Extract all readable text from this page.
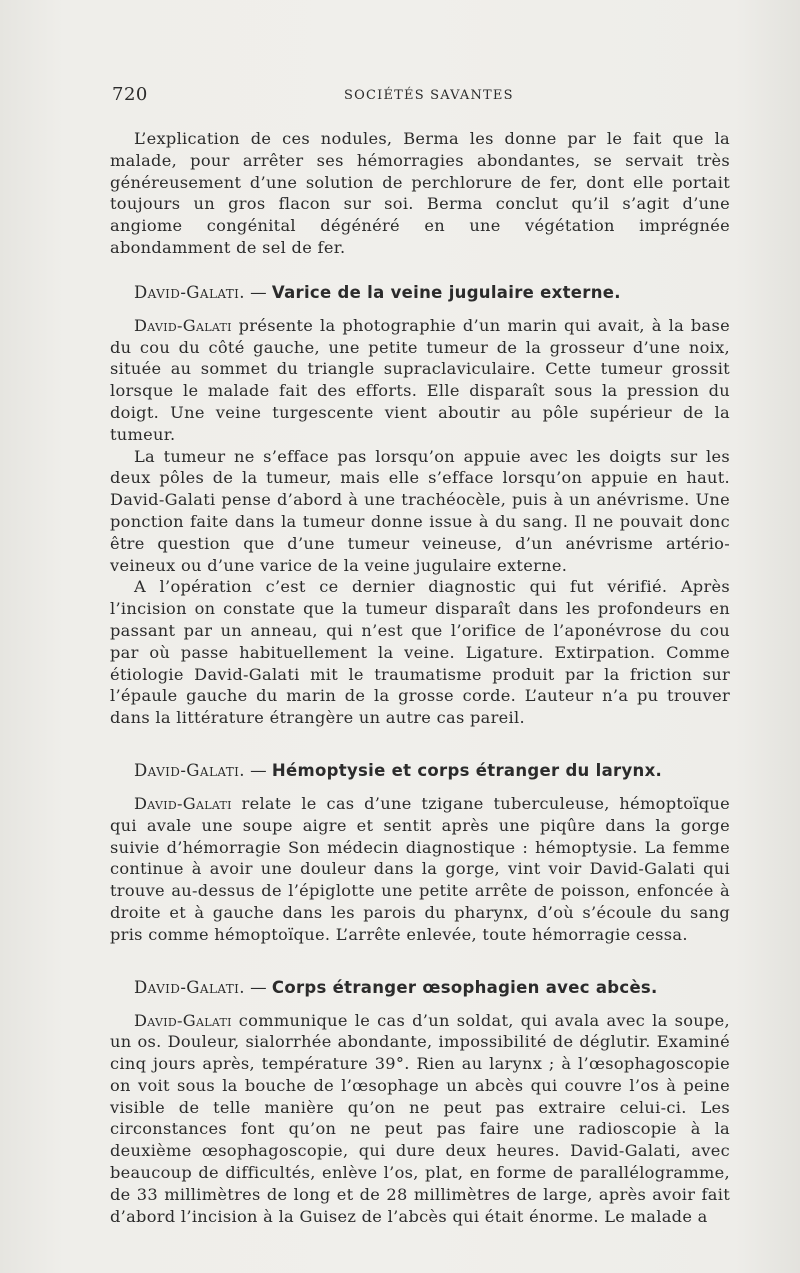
720	SOCIÉTÉS SAVANTES

L’explication de ces nodules, Berma les donne par le fait que la malade, pour arrêter ses hémorragies abondantes, se servait très généreusement d’une solution de perchlorure de fer, dont elle portait toujours un gros flacon sur soi. Berma conclut qu’il s’agit d’une angiome congénital dégénéré en une végétation imprégnée abondamment de sel de fer.

David-Galati. — Varice de la veine jugulaire externe.

David-Galati présente la photographie d’un marin qui avait, à la base du cou du côté gauche, une petite tumeur de la grosseur d’une noix, située au sommet du triangle supraclaviculaire. Cette tumeur grossit lorsque le malade fait des efforts. Elle disparaît sous la pression du doigt. Une veine turgescente vient aboutir au pôle supérieur de la tumeur.

La tumeur ne s’efface pas lorsqu’on appuie avec les doigts sur les deux pôles de la tumeur, mais elle s’efface lorsqu’on appuie en haut. David-Galati pense d’abord à une trachéocèle, puis à un anévrisme. Une ponction faite dans la tumeur donne issue à du sang. Il ne pouvait donc être question que d’une tumeur veineuse, d’un anévrisme artério-veineux ou d’une varice de la veine jugulaire externe.

A l’opération c’est ce dernier diagnostic qui fut vérifié. Après l’incision on constate que la tumeur disparaît dans les profondeurs en passant par un anneau, qui n’est que l’orifice de l’aponévrose du cou par où passe habituellement la veine. Ligature. Extirpation. Comme étiologie David-Galati mit le traumatisme produit par la friction sur l’épaule gauche du marin de la grosse corde. L’auteur n’a pu trouver dans la littérature étrangère un autre cas pareil.

David-Galati. — Hémoptysie et corps étranger du larynx.

David-Galati relate le cas d’une tzigane tuberculeuse, hémoptoïque qui avale une soupe aigre et sentit après une piqûre dans la gorge suivie d’hémorragie Son médecin diagnostique : hémoptysie. La femme continue à avoir une douleur dans la gorge, vint voir David-Galati qui trouve au-dessus de l’épiglotte une petite arrête de poisson, enfoncée à droite et à gauche dans les parois du pharynx, d’où s’écoule du sang pris comme hémoptoïque. L’arrête enlevée, toute hémorragie cessa.

David-Galati. — Corps étranger œsophagien avec abcès.

David-Galati communique le cas d’un soldat, qui avala avec la soupe, un os. Douleur, sialorrhée abondante, impossibilité de déglutir. Examiné cinq jours après, température 39°. Rien au larynx ; à l’œsophagoscopie on voit sous la bouche de l’œsophage un abcès qui couvre l’os à peine visible de telle manière qu’on ne peut pas extraire celui-ci. Les circonstances font qu’on ne peut pas faire une radioscopie à la deuxième œsophagoscopie, qui dure deux heures. David-Galati, avec beaucoup de difficultés, enlève l’os, plat, en forme de parallélogramme, de 33 millimètres de long et de 28 millimètres de large, après avoir fait d’abord l’incision à la Guisez de l’abcès qui était énorme. Le malade a
